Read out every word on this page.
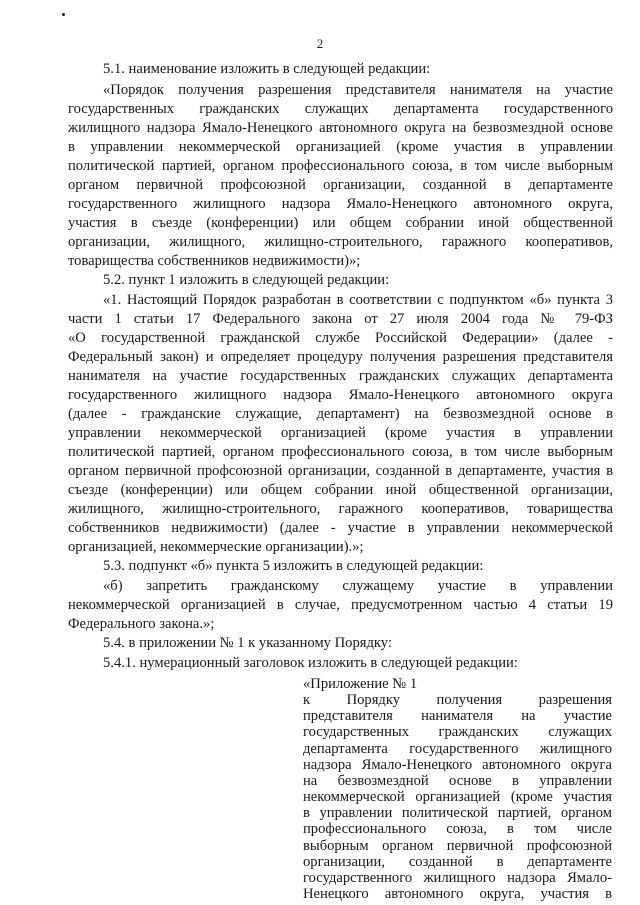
2
5.1. наименование изложить в следующей редакции:
«Порядок получения разрешения представителя нанимателя на участие
государственных гражданских служащих департамента государственного
жилищного надзора Ямало-Ненецкого автономного округа на безвозмездной основе
в управлении некоммерческой организацией (кроме участия в управлении
политической партией, органом профессионального союза, в том числе выборным
органом первичной профсоюзной организации, созданной в департаменте
государственного жилищного надзора Ямало-Ненецкого автономного округа,
участия в съезде (конференции) или общем собрании иной общественной
организации, жилищного, жилищно-строительного, гаражного кооперативов,
товарищества собственников недвижимости)»;
5.2. пункт 1 изложить в следующей редакции:
«1. Настоящий Порядок разработан в соответствии с подпунктом «б» пункта 3
части 1 статьи 17 Федерального закона от 27 июля 2004 года № 79-ФЗ
«О государственной гражданской службе Российской Федерации» (далее -
Федеральный закон) и определяет процедуру получения разрешения представителя
нанимателя на участие государственных гражданских служащих департамента
государственного жилищного надзора Ямало-Ненецкого автономного округа
(далее - гражданские служащие, департамент) на безвозмездной основе в
управлении некоммерческой организацией (кроме участия в управлении
политической партией, органом профессионального союза, в том числе выборным
органом первичной профсоюзной организации, созданной в департаменте, участия в
съезде (конференции) или общем собрании иной общественной организации,
жилищного, жилищно-строительного, гаражного кооперативов, товарищества
собственников недвижимости) (далее - участие в управлении некоммерческой
организацией, некоммерческие организации).»;
5.3. подпункт «б» пункта 5 изложить в следующей редакции:
«б) запретить гражданскому служащему участие в управлении
некоммерческой организацией в случае, предусмотренном частью 4 статьи 19
Федерального закона.»;
5.4. в приложении № 1 к указанному Порядку:
5.4.1. нумерационный заголовок изложить в следующей редакции:
«Приложение № 1
к Порядку получения разрешения
представителя нанимателя на участие
государственных гражданских служащих
департамента государственного жилищного
надзора Ямало-Ненецкого автономного округа
на безвозмездной основе в управлении
некоммерческой организацией (кроме участия
в управлении политической партией, органом
профессионального союза, в том числе
выборным органом первичной профсоюзной
организации, созданной в департаменте
государственного жилищного надзора Ямало-
Ненецкого автономного округа, участия в
